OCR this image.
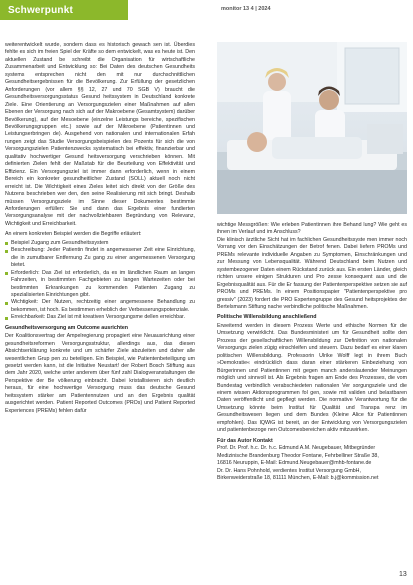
Schwerpunkt	monitor 13 4 | 2024

weiterentwickelt wurde, sondern dass es historisch gewach sen ist. Überdies fehlte es sich im freien Spiel der Kräfte so dem entwickelt, was es heute ist. Den aktuellen Zustand be schreibt die Organisation für wirtschaftliche Zusammenarbeit und Entwicklung so: Bei Daten des deutschen Gesundheits systems entsprechen nicht den mit nur durchschnittlichen Gesundheitsergebnissen für die Bevölkerung. Zur Erfüllung der gesetzlichen Anforderungen (vor allem §§ 12, 27 und 70 SGB V) braucht die Gesundheitsversorgungsstatus Gesund heitssystem in Deutschland konkrete Ziele. Eine Orientierung an Versorgungszielen einer Maßnahmen auf allen Ebenen der Versorgung nach sich auf der Makroebene (Gesamtsystem) darüber Bevölkerung), auf der Mesoebene (einzelne Leistungs bereiche, spezifischen Bevölkerungsgruppen etc.) sowie auf der Mikroebene (Patientinnen und Leistungserbringen de). Ausgehend von nationalen und internationalen Erfah rungen zeigt das Studie Versorgungsbeispielen des Pozents für sich die von Versorgungszielen Patientenzwecks systematisch bei effektiv, finanzierbar und qualitativ hochwertiger Gesund heitsversorgung verschrieben können. Mit definierten Zielen fehlt der Maßstab für die Beurteilung von Effektivität und Effizienz. Ein Versorgungsziel ist immer dann erforderlich, wenn in einem Bereich ein konkreter gesundheitlicher Zustand (SOLL) aktuell noch nicht erreicht ist. Die Wichtigkeit eines Zieles leitet sich direkt von der Größe des Nutzens beschrieben wer den, den seine Realisierung mit sich bringt. Deshalb müssen Versorgungsziele im Sinne dieser Dokumentes bestimmte Anforderungen erfüllen: Sie und dann das Ergebnis einer fundierten Versorgungsanalyse mit der nachvollziehbaren Begründung von Relevanz, Wichtigkeit und Erreichbarkeit.

An einem konkreten Beispiel werden die Begriffe erläutert:

Beispiel Zugang zum Gesundheitssystem
Beschreibung: Jeder Patientin findet in angemessener Zeit eine Einrichtung, die in zumutbarer Entfernung Zu gang zu einer angemessenen Versorgung bietet.
Erforderlich: Das Ziel ist erforderlich, da es im ländlichen Raum an langen Fahrzeiten, in bestimmten Fachgebieten zu langen Wartezeiten oder bei bestimmten Erkrankungen zu kommenden Patienten Zugang zu spezialisierten Einrichtungen gibt.
Wichtigkeit: Der Nutzen, rechtzeitig einer angemessene Behandlung zu bekommen, ist hoch. Es bestimmen erheblich der Verbesserungspotenziale.
Erreichbarkeit: Das Ziel ist mit kreativen Versorgungsme dellen erreichbar.
Gesundheitsversorgung am Outcome ausrichten

Der Koalitionsvertrag der Ampelregierung propagiert eine Neuausrichtung einer gesundheitsreformen Versorgungsstruktur, allerdings aus, das diesen Absichtserklärung konkrete und um schärfer Ziele abzuleiten und daher alle wesentlichen Grup pen zu beteiligen. Ein Beispiel, wie Patientenbeteiligung um gesetzt werden kann, ist die Initiative Neustart! der Robert Bosch Stiftung aus dem Jahr 2020, welche unter anderem über fünf zahl Dialogveranstaltungen die Perspektive der Be völkerung einbracht. Dabei kristallisieren sich deutlich heraus, für eine hochwertige Versorgung muss das deutsche Gesund heitssystem stärker am Patientennutzen und an den Ergebnis qualität ausgerichtet werden. Patient Reported Outcomes (PROs) und Patient Reported Experiences (PREMs) fehlen dafür

wichtige Messgrößen: Wie erleben Patientinnen ihre Behand lung? Wie geht es ihnen im Verlauf und im Anschluss?

Die klinisch ärztliche Sicht hat im fachlichen Gesundheitssyste men immer noch Vorrang vor den Einschätzungen der Betrof fenen. Dabei liefern PROMs und PREMs relevante individuelle Angaben zu Symptomen, Einschränkungen und zur Messung von Lebensqualität. Während Deutschland beim Nutzen und systembezogener Daten einem Rückstand zurück aus. Ein ersten Länder, gleich richten unsere einigen Strukturen und Pro zesse konsequent aus und die Ergebnisqualität aus. Für die Er fassung der Patientenperspektive setzen sie auf PROMs und PREMs. In einem Positionspapier "Patientenperspektive pro gressiv" (2023) fordert die PRO Expertengruppe des Gesund heitsprojektes der Bertelsmann Stiftung nache verbindliche politische Maßnahmen.

Politische Willensbildung anschließend

Erweiternd werden in diesem Prozess Werte und ethische Normen für die Umsetzung verwirklicht. Das Bundesministeri um für Gesundheit sollte den Prozess der gesellschaftlichen Willensbildung zur Definition von nationalen Versorgungs zielen zügig einschleifen und steuern. Dazu bedarf es einer klaren politischen Willensbildung. Professorin Ulrike Wolff legt in ihrem Buch »Demokratie« eindrücklich dass daran einer stärkeren Einbeziehung von Bürgerinnen und Patientinnen mit gegen manch anderslautender Meinungen möglich und sinnvoll ist. Als Ergebnis fragen am Ende des Prozesses, die vom Bundestag verbindlich verabschiedeten nationalen Ver sorgungsziele und die einem wissen Aktionsprogrammen fol gen, sowie mit validen und belastbaren Daten veröffentlicht und gepflegt werden. Die normative Verantwortung für die Umsetzung könnte beim Institut für Qualität und Transpa renz im Gesundheitswesen liegen und dem Bundes (Kleine Alice für Patientinnen empfohlen). Das IQWiG ist bereit, an der Entwicklung von Versorgungszielen und patientenbezoge nen Outcomesbereichen aktiv mitzuwirken.

Für das Autor Kontakt
Prof. Dr. Prof. h.c. Dr. h.c. Edmund A.M. Neugebauer, Mitbegründer
Medizinische Brandenburg Theodor Fontane, Fehrbelliner Straße 38,
16816 Neuruppin, E-Mail: Edmund.Neugebauer@mhb-fontane.de
Dr. Dr. Hans Pohnhold, verdientes Institut Versorgung GmbH,
Birkenweiderstraße 18, 81111 München, E-Mail: b.j@kommission.net
13
